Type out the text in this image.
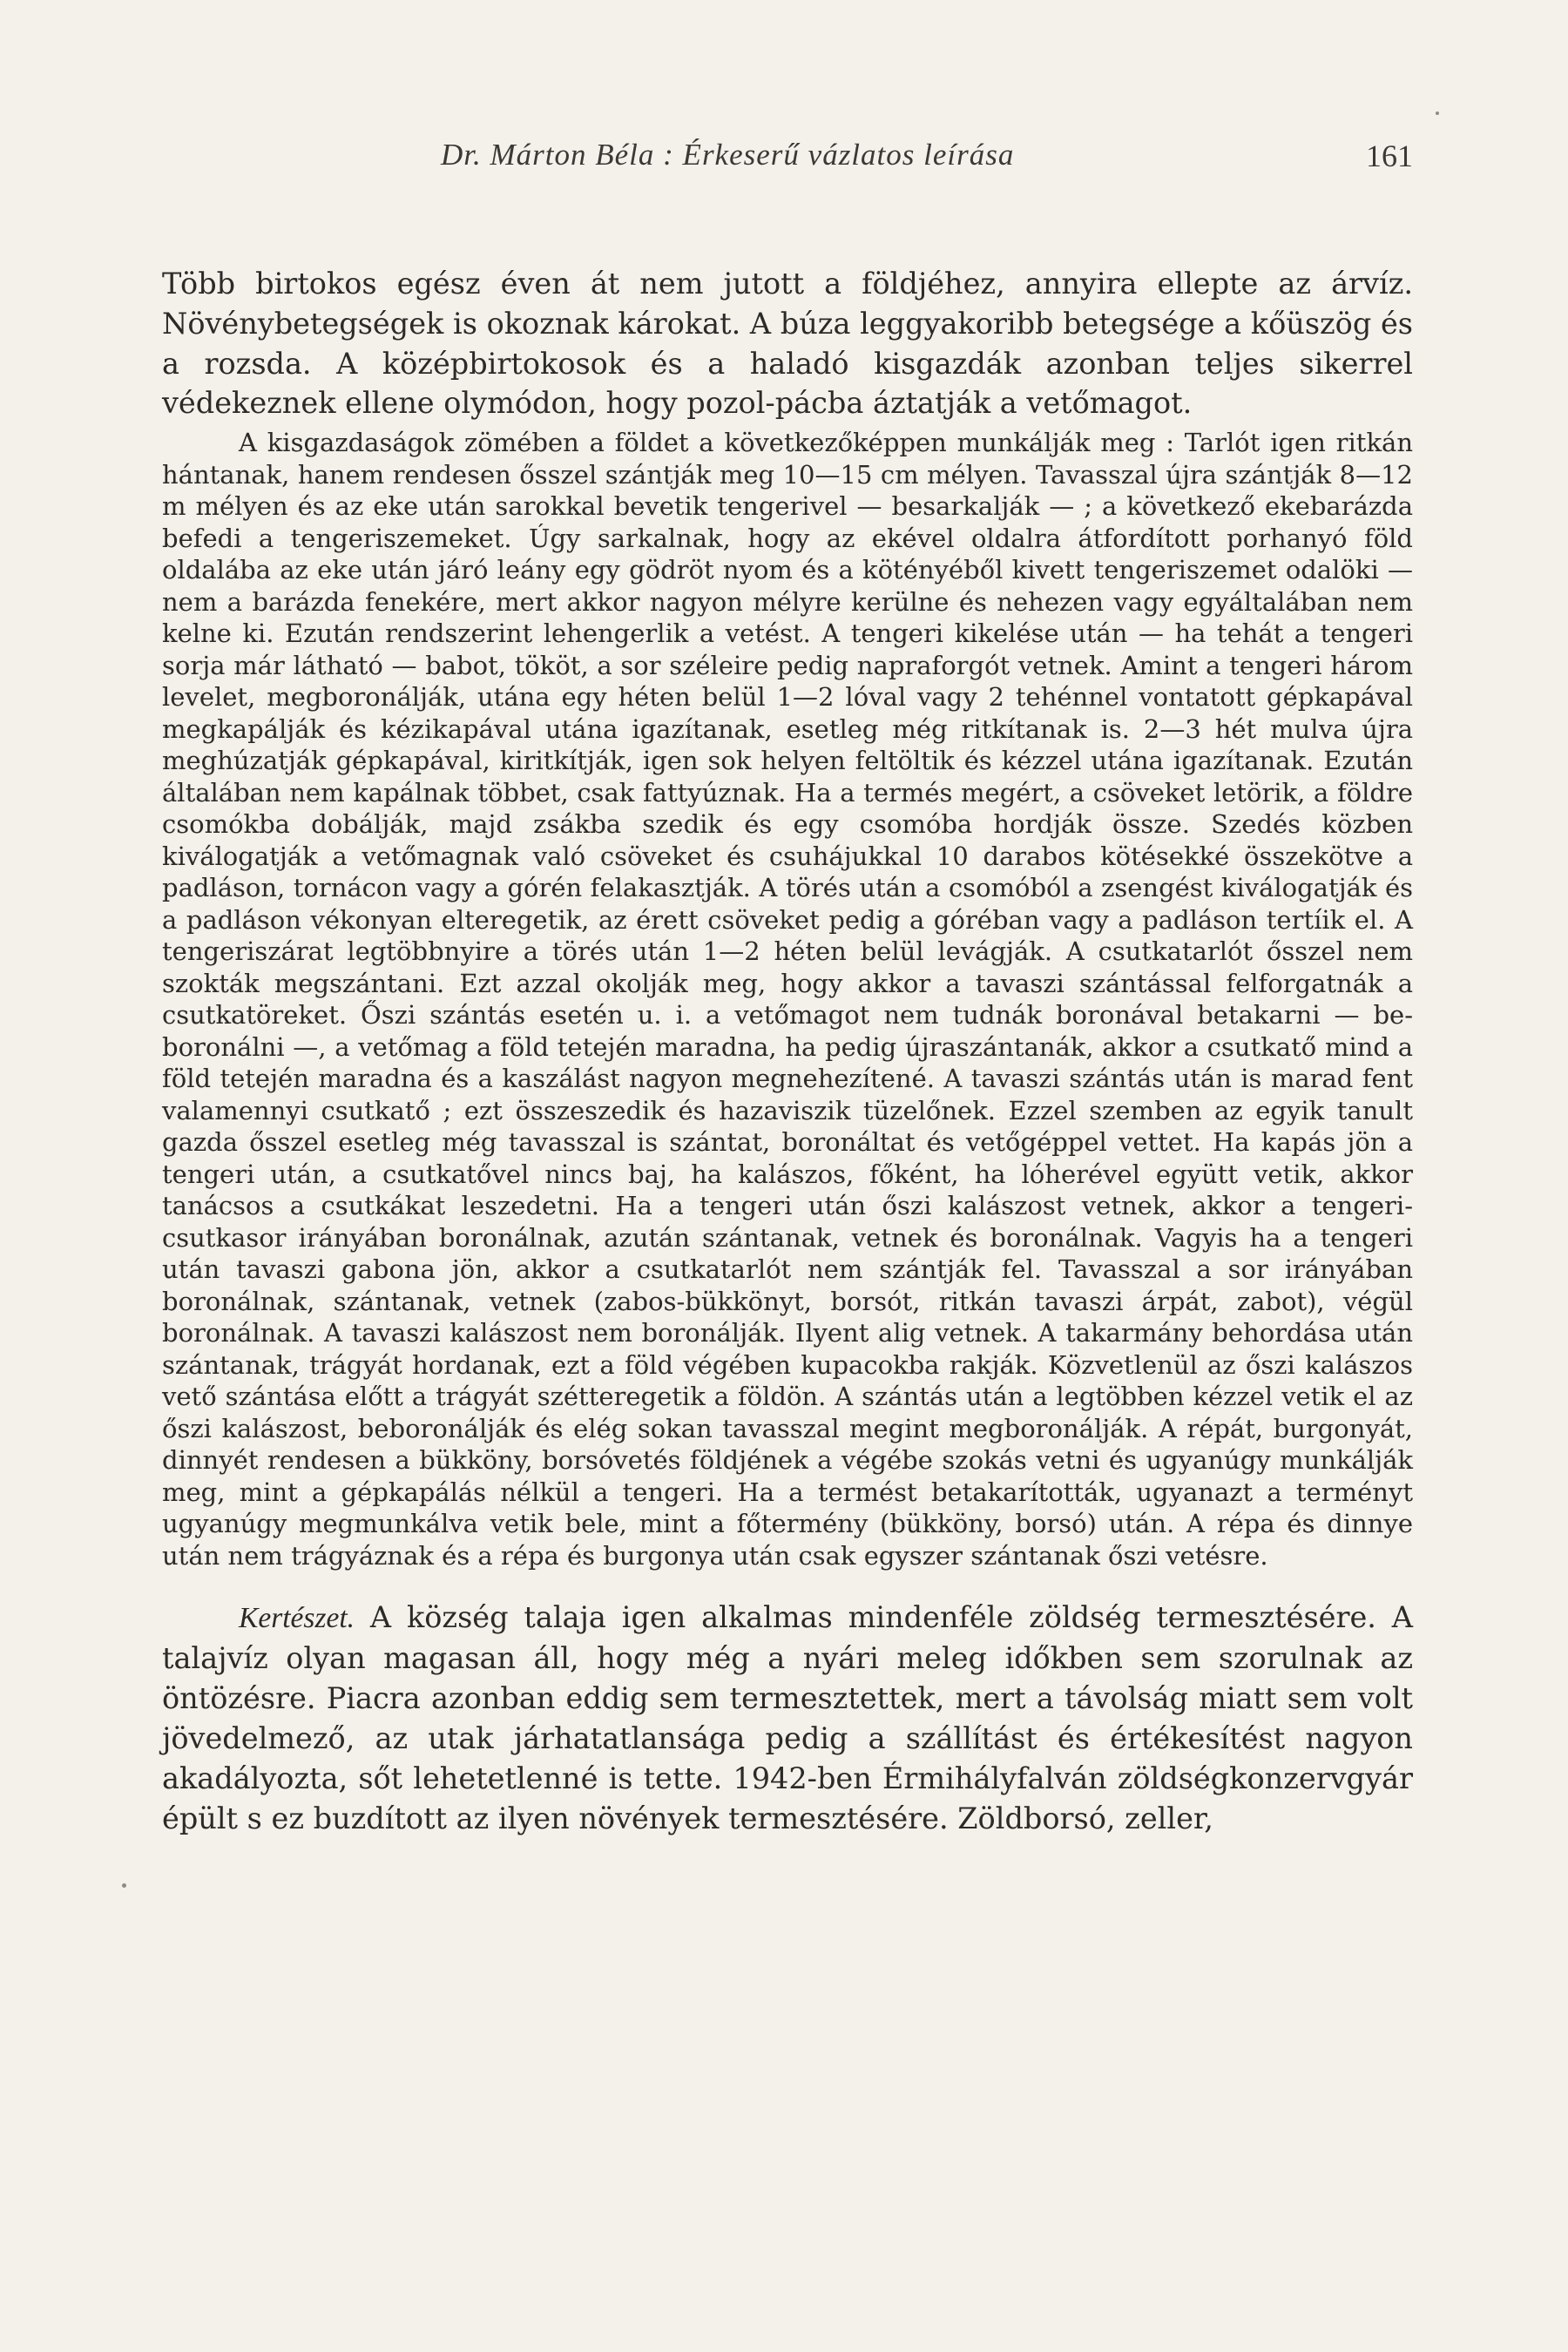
Dr. Márton Béla : Érkeserű vázlatos leírása	161

Több birtokos egész éven át nem jutott a földjéhez, annyira ellepte az árvíz. Növénybetegségek is okoznak károkat. A búza leggyakoribb betegsége a kőüszög és a rozsda. A középbirtokosok és a haladó kisgazdák azonban teljes sikerrel védekeznek ellene olymódon, hogy pozol-pácba áztatják a vetőmagot.

A kisgazdaságok zömében a földet a következőképpen munkálják meg : Tarlót igen ritkán hántanak, hanem rendesen ősszel szántják meg 10—15 cm mélyen. Tavasszal újra szántják 8—12 m mélyen és az eke után sarokkal bevetik tengerivel — besarkalják — ; a következő ekebarázda befedi a tengeriszemeket. Úgy sarkalnak, hogy az ekével oldalra átfordított porhanyó föld oldalába az eke után járó leány egy gödröt nyom és a kötényéből kivett tengeriszemet odalöki — nem a barázda fenekére, mert akkor nagyon mélyre kerülne és nehezen vagy egyáltalában nem kelne ki. Ezután rendszerint lehengerlik a vetést. A tengeri kikelése után — ha tehát a tengeri sorja már látható — babot, tököt, a sor széleire pedig napraforgót vetnek. Amint a tengeri három levelet, megboronálják, utána egy héten belül 1—2 lóval vagy 2 tehénnel vontatott gépkapával megkapálják és kézikapával utána igazítanak, esetleg még ritkítanak is. 2—3 hét mulva újra meghúzatják gépkapával, kiritkítják, igen sok helyen feltöltik és kézzel utána igazítanak. Ezután általában nem kapálnak többet, csak fattyúznak. Ha a termés megért, a csöveket letörik, a földre csomókba dobálják, majd zsákba szedik és egy csomóba hordják össze. Szedés közben kiválogatják a vetőmagnak való csöveket és csuhájukkal 10 darabos kötésekké összekötve a padláson, tornácon vagy a górén felakasztják. A törés után a csomóból a zsengést kiválogatják és a padláson vékonyan elteregetik, az érett csöveket pedig a góréban vagy a padláson tertíik el. A tengeriszárat legtöbbnyire a törés után 1—2 héten belül levágják. A csutkatarlót ősszel nem szokták megszántani. Ezt azzal okolják meg, hogy akkor a tavaszi szántással felforgatnák a csutkatöreket. Őszi szántás esetén u. i. a vetőmagot nem tudnák boronával betakarni — beboronálni —, a vetőmag a föld tetején maradna, ha pedig újraszántanák, akkor a csutkatő mind a föld tetején maradna és a kaszálást nagyon megnehezítené. A tavaszi szántás után is marad fent valamennyi csutkatő ; ezt összeszedik és hazaviszik tüzelőnek. Ezzel szemben az egyik tanult gazda ősszel esetleg még tavasszal is szántat, boronáltat és vetőgéppel vettet. Ha kapás jön a tengeri után, a csutkatővel nincs baj, ha kalászos, főként, ha lóherével együtt vetik, akkor tanácsos a csutkákat leszedetni. Ha a tengeri után őszi kalászost vetnek, akkor a tengeri-csutkasor irányában boronálnak, azután szántanak, vetnek és boronálnak. Vagyis ha a tengeri után tavaszi gabona jön, akkor a csutkatarlót nem szántják fel. Tavasszal a sor irányában boronálnak, szántanak, vetnek (zabos-bükkönyt, borsót, ritkán tavaszi árpát, zabot), végül boronálnak. A tavaszi kalászost nem boronálják. Ilyent alig vetnek. A takarmány behordása után szántanak, trágyát hordanak, ezt a föld végében kupacokba rakják. Közvetlenül az őszi kalászos vető szántása előtt a trágyát szétteregetik a földön. A szántás után a legtöbben kézzel vetik el az őszi kalászost, beboronálják és elég sokan tavasszal megint megboronálják. A répát, burgonyát, dinnyét rendesen a bükköny, borsóvetés földjének a végébe szokás vetni és ugyanúgy munkálják meg, mint a gépkapálás nélkül a tengeri. Ha a termést betakarították, ugyanazt a terményt ugyanúgy megmunkálva vetik bele, mint a főtermény (bükköny, borsó) után. A répa és dinnye után nem trágyáznak és a répa és burgonya után csak egyszer szántanak őszi vetésre.

Kertészet. A község talaja igen alkalmas mindenféle zöldség termesztésére. A talajvíz olyan magasan áll, hogy még a nyári meleg időkben sem szorulnak az öntözésre. Piacra azonban eddig sem termesztettek, mert a távolság miatt sem volt jövedelmező, az utak járhatatlansága pedig a szállítást és értékesítést nagyon akadályozta, sőt lehetetlenné is tette. 1942-ben Érmihályfalván zöldségkonzervgyár épült s ez buzdított az ilyen növények termesztésére. Zöldborsó, zeller,
